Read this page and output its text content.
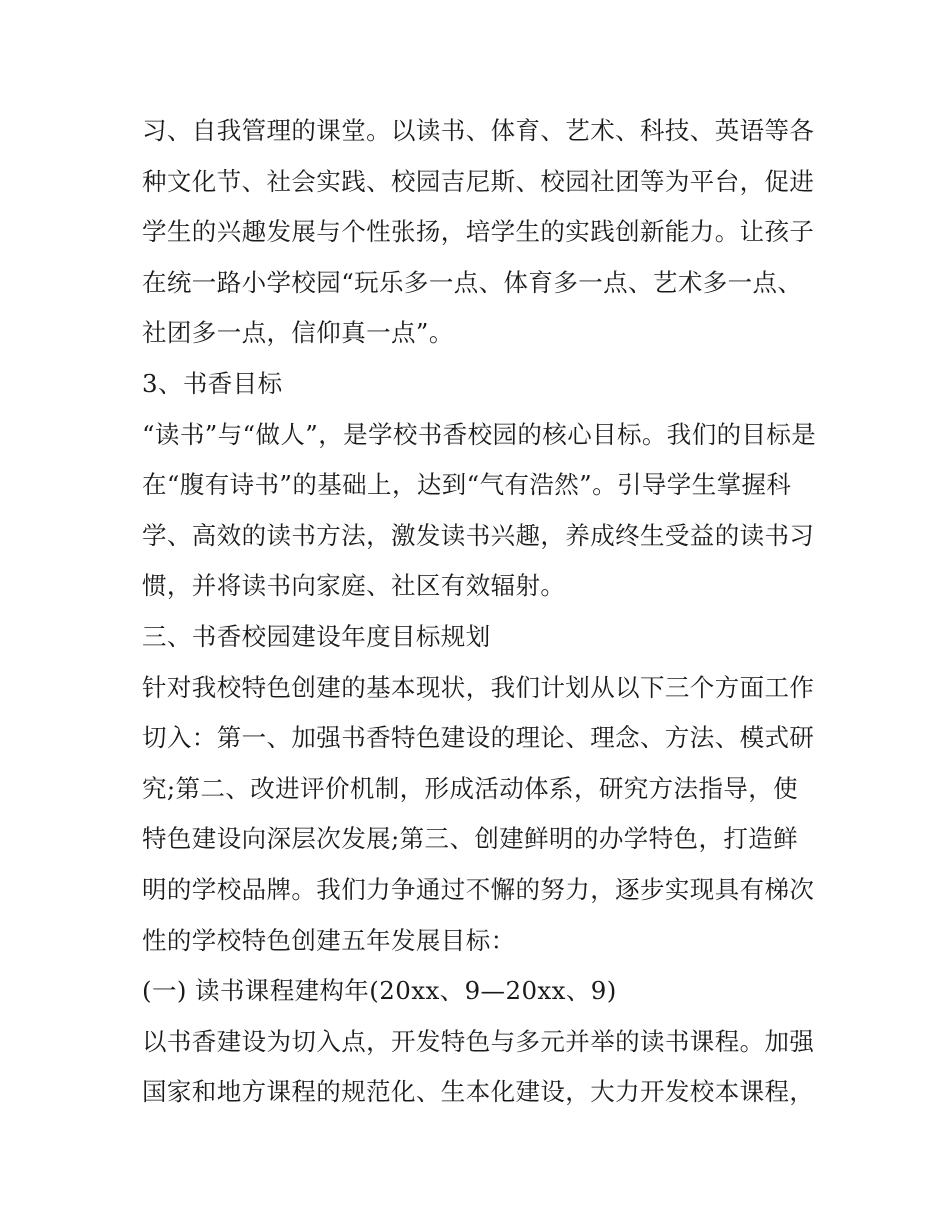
习、自我管理的课堂。以读书、体育、艺术、科技、英语等各
种文化节、社会实践、校园吉尼斯、校园社团等为平台，促进
学生的兴趣发展与个性张扬，培学生的实践创新能力。让孩子
在统一路小学校园“玩乐多一点、体育多一点、艺术多一点、
社团多一点，信仰真一点”。
3、书香目标
“读书”与“做人”，是学校书香校园的核心目标。我们的目标是
在“腹有诗书”的基础上，达到“气有浩然”。引导学生掌握科
学、高效的读书方法，激发读书兴趣，养成终生受益的读书习
惯，并将读书向家庭、社区有效辐射。
三、书香校园建设年度目标规划
针对我校特色创建的基本现状，我们计划从以下三个方面工作
切入：第一、加强书香特色建设的理论、理念、方法、模式研
究;第二、改进评价机制，形成活动体系，研究方法指导，使
特色建设向深层次发展;第三、创建鲜明的办学特色，打造鲜
明的学校品牌。我们力争通过不懈的努力，逐步实现具有梯次
性的学校特色创建五年发展目标：
(一) 读书课程建构年(20xx、9—20xx、9)
以书香建设为切入点，开发特色与多元并举的读书课程。加强
国家和地方课程的规范化、生本化建设，大力开发校本课程，
